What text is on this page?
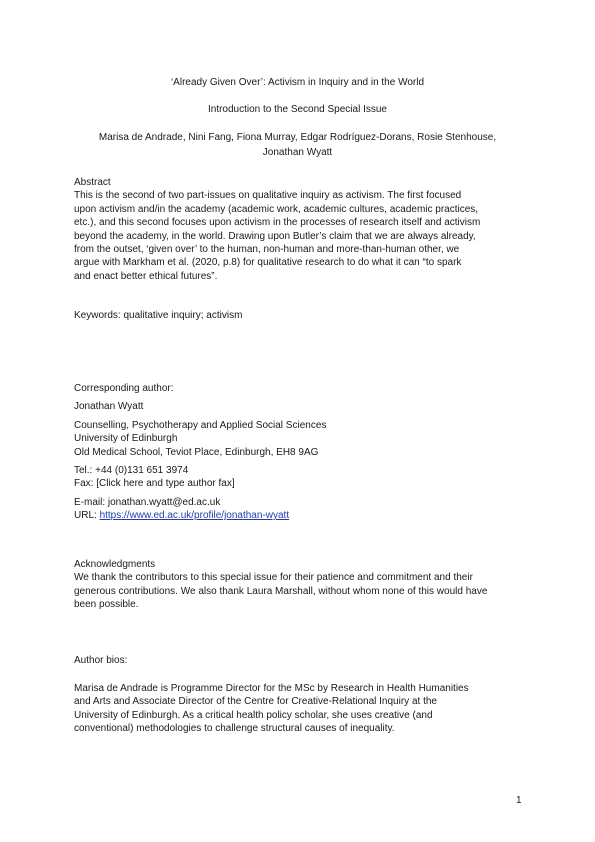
‘Already Given Over’: Activism in Inquiry and in the World

Introduction to the Second Special Issue

Marisa de Andrade, Nini Fang, Fiona Murray, Edgar Rodríguez-Dorans, Rosie Stenhouse,

Jonathan Wyatt

Abstract
This is the second of two part-issues on qualitative inquiry as activism. The first focused
upon activism and/in the academy (academic work, academic cultures, academic practices,
etc.), and this second focuses upon activism in the processes of research itself and activism
beyond the academy, in the world. Drawing upon Butler’s claim that we are always already,
from the outset, ‘given over’ to the human, non-human and more-than-human other, we
argue with Markham et al. (2020, p.8) for qualitative research to do what it can “to spark
and enact better ethical futures”.

Keywords: qualitative inquiry; activism

Corresponding author:
Jonathan Wyatt
Counselling, Psychotherapy and Applied Social Sciences
University of Edinburgh
Old Medical School, Teviot Place, Edinburgh, EH8 9AG
Tel.: +44 (0)131 651 3974
Fax: [Click here and type author fax]
E-mail: jonathan.wyatt@ed.ac.uk
URL: https://www.ed.ac.uk/profile/jonathan-wyatt
Acknowledgments
We thank the contributors to this special issue for their patience and commitment and their
generous contributions. We also thank Laura Marshall, without whom none of this would have
been possible.

Author bios:

Marisa de Andrade is Programme Director for the MSc by Research in Health Humanities
and Arts and Associate Director of the Centre for Creative-Relational Inquiry at the
University of Edinburgh. As a critical health policy scholar, she uses creative (and
conventional) methodologies to challenge structural causes of inequality.
1
